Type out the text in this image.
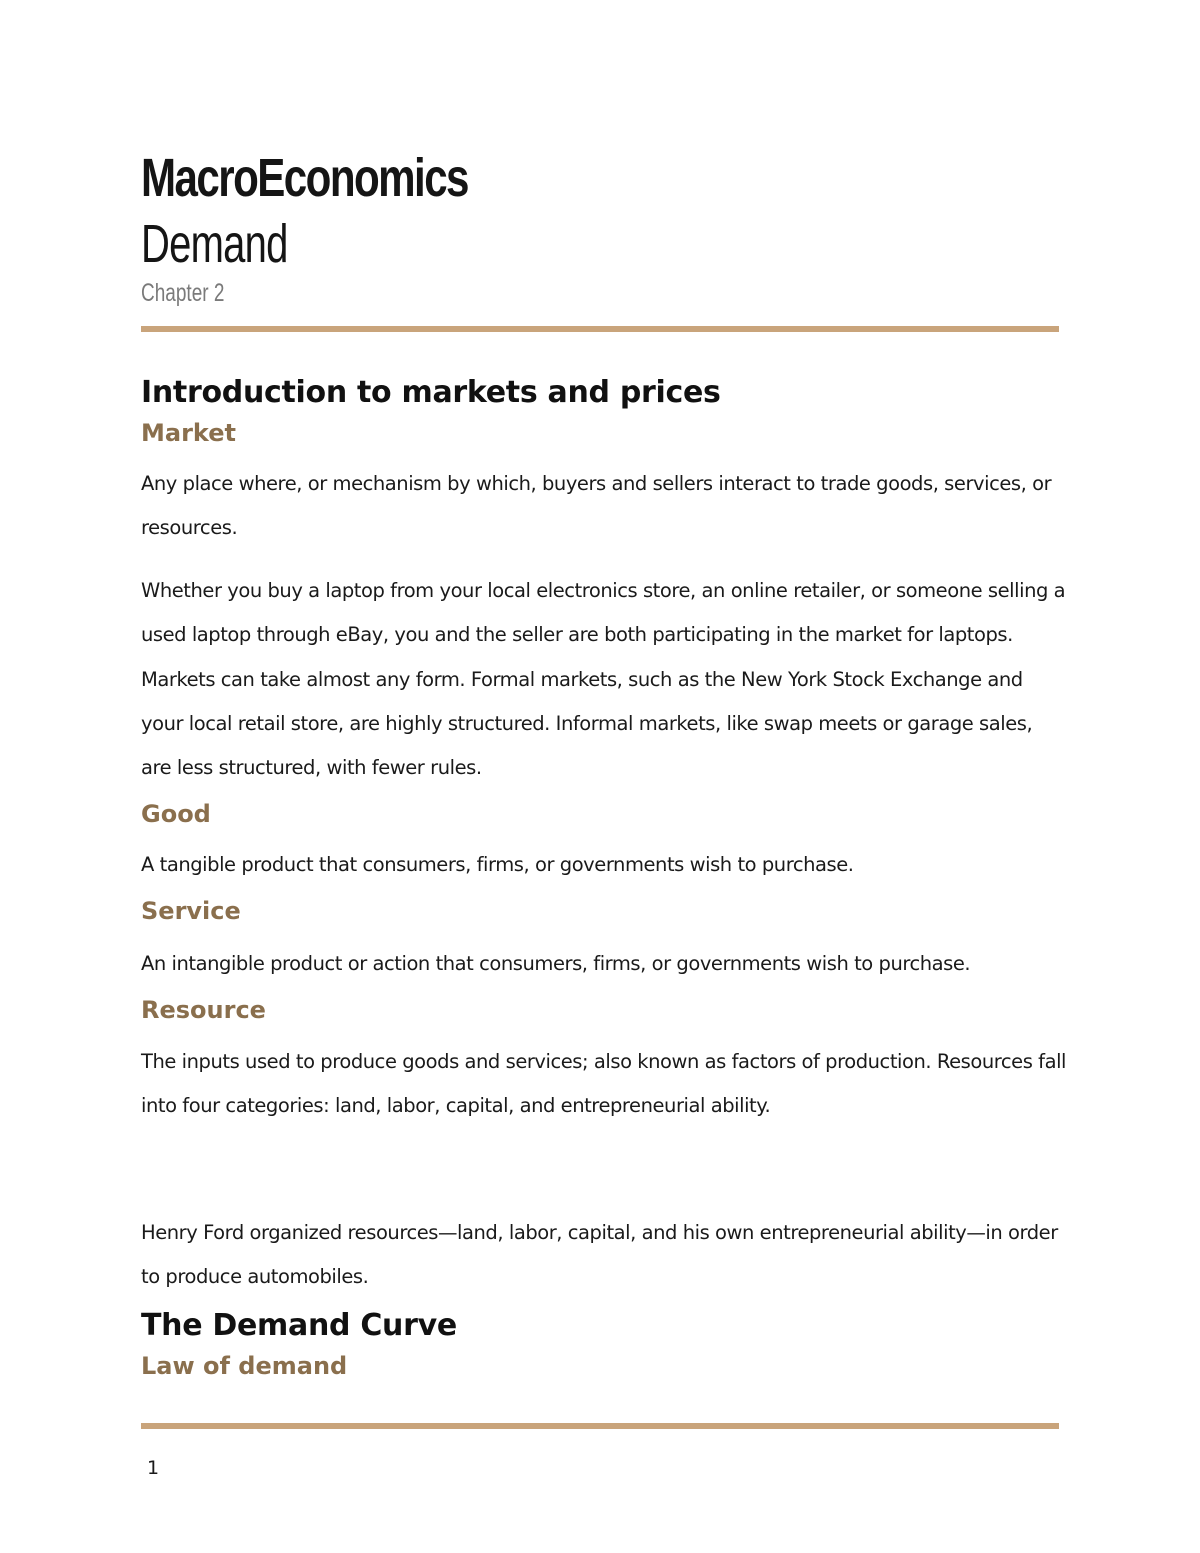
MacroEconomics
Demand
Chapter 2
Introduction to markets and prices
Market

Any place where, or mechanism by which, buyers and sellers interact to trade goods, services, or resources.

Whether you buy a laptop from your local electronics store, an online retailer, or someone selling a used laptop through eBay, you and the seller are both participating in the market for laptops. Markets can take almost any form. Formal markets, such as the New York Stock Exchange and your local retail store, are highly structured. Informal markets, like swap meets or garage sales, are less structured, with fewer rules.

Good

A tangible product that consumers, firms, or governments wish to purchase.

Service

An intangible product or action that consumers, firms, or governments wish to purchase.

Resource

The inputs used to produce goods and services; also known as factors of production. Resources fall into four categories: land, labor, capital, and entrepreneurial ability.

Henry Ford organized resources—land, labor, capital, and his own entrepreneurial ability—in order to produce automobiles.

The Demand Curve
Law of demand
1
